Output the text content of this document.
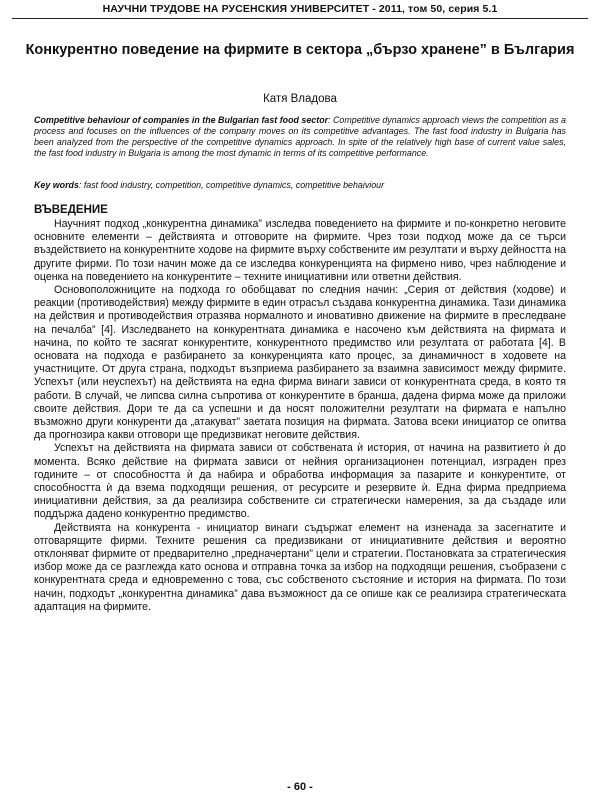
НАУЧНИ ТРУДОВЕ НА РУСЕНСКИЯ УНИВЕРСИТЕТ - 2011, том 50, серия 5.1
Конкурентно поведение на фирмите в сектора „бързо хранене” в България
Катя Владова
Competitive behaviour of companies in the Bulgarian fast food sector: Competitive dynamics approach views the competition as a process and focuses on the influences of the company moves on its competitive advantages. The fast food industry in Bulgaria has been analyzed from the perspective of the competitive dynamics approach. In spite of the relatively high base of current value sales, the fast food industry in Bulgaria is among the most dynamic in terms of its competitive performance.
Key words: fast food industry, competition, competitive dynamics, competitive behaiviour
ВЪВЕДЕНИЕ

Научният подход „конкурентна динамика” изследва поведението на фирмите и по-конкретно неговите основните елементи – действията и отговорите на фирмите. Чрез този подход може да се търси въздействието на конкурентните ходове на фирмите върху собствените им резултати и върху дейността на другите фирми. По този начин може да се изследва конкуренцията на фирмено ниво, чрез наблюдение и оценка на поведението на конкурентите – техните инициативни или ответни действия.

Основоположниците на подхода го обобщават по следния начин: „Серия от действия (ходове) и реакции (противодействия) между фирмите в един отрасъл създава конкурентна динамика. Тази динамика на действия и противодействия отразява нормалното и иновативно движение на фирмите в преследване на печалба” [4]. Изследването на конкурентната динамика е насочено към действията на фирмата и начина, по който те засягат конкурентите, конкурентното предимство или резултата от работата [4]. В основата на подхода е разбирането за конкуренцията като процес, за динамичност в ходовете на участниците. От друга страна, подходът възприема разбирането за взаимна зависимост между фирмите. Успехът (или неуспехът) на действията на една фирма винаги зависи от конкурентната среда, в която тя работи. В случай, че липсва силна съпротива от конкурентите в бранша, дадена фирма може да приложи своите действия. Дори те да са успешни и да носят положителни резултати на фирмата е напълно възможно други конкуренти да „атакуват” заетата позиция на фирмата. Затова всеки инициатор се опитва да прогнозира какви отговори ще предизвикат неговите действия.

Успехът на действията на фирмата зависи от собствената ѝ история, от начина на развитието ѝ до момента. Всяко действие на фирмата зависи от нейния организационен потенциал, изграден през годините – от способността ѝ да набира и обработва информация за пазарите и конкурентите, от способността ѝ да взема подходящи решения, от ресурсите и резервите ѝ. Една фирма предприема инициативни действия, за да реализира собствените си стратегически намерения, за да създаде или поддържа дадено конкурентно предимство.

Действията на конкурента - инициатор винаги съдържат елемент на изненада за засегнатите и отговарящите фирми. Техните решения са предизвикани от инициативните действия и вероятно отклоняват фирмите от предварително „предначертани” цели и стратегии. Постановката за стратегическия избор може да се разглежда като основа и отправна точка за избор на подходящи решения, съобразени с конкурентната среда и едновременно с това, със собственото състояние и история на фирмата. По този начин, подходът „конкурентна динамика” дава възможност да се опише как се реализира стратегическата адаптация на фирмите.

- 60 -
